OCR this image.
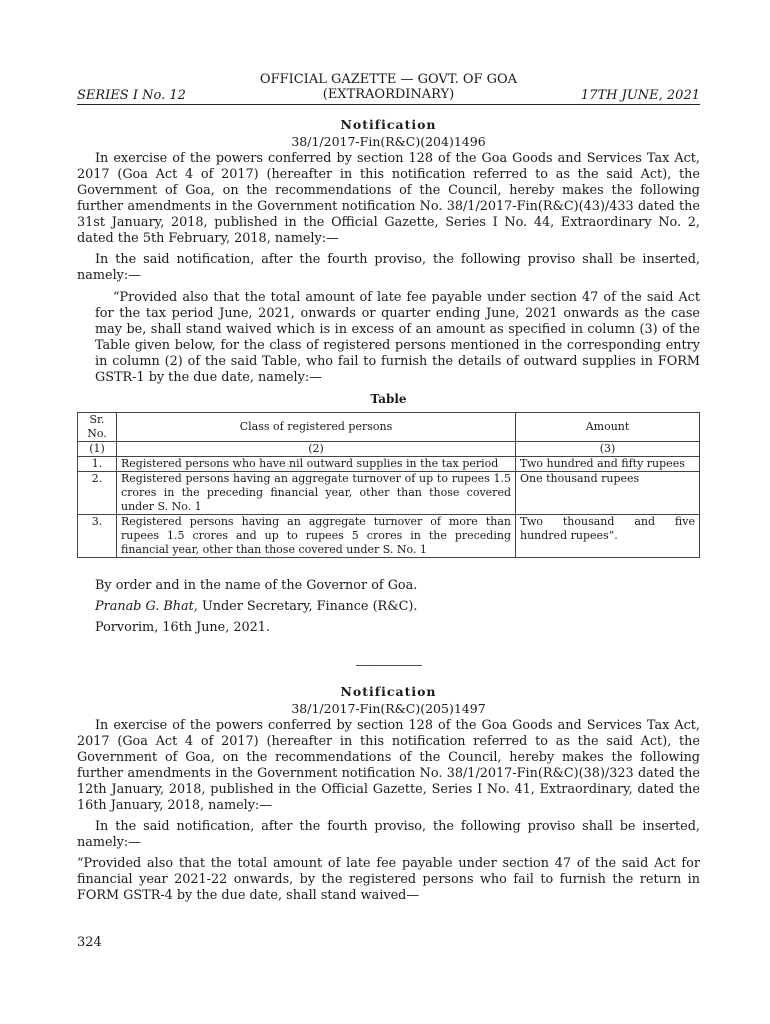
SERIES I No. 12
OFFICIAL GAZETTE — GOVT. OF GOA
(EXTRAORDINARY)	17TH JUNE, 2021
Notification
38/1/2017-Fin(R&C)(204)1496

In exercise of the powers conferred by section 128 of the Goa Goods and Services Tax Act, 2017 (Goa Act 4 of 2017) (hereafter in this notification referred to as the said Act), the Government of Goa, on the recommendations of the Council, hereby makes the following further amendments in the Government notification No. 38/1/2017-Fin(R&C)(43)/433 dated the 31st January, 2018, published in the Official Gazette, Series I No. 44, Extraordinary No. 2, dated the 5th February, 2018, namely:—

In the said notification, after the fourth proviso, the following proviso shall be inserted, namely:—

“Provided also that the total amount of late fee payable under section 47 of the said Act for the tax period June, 2021, onwards or quarter ending June, 2021 onwards as the case may be, shall stand waived which is in excess of an amount as specified in column (3) of the Table given below, for the class of registered persons mentioned in the corresponding entry in column (2) of the said Table, who fail to furnish the details of outward supplies in FORM GSTR-1 by the due date, namely:—

Table
Sr. No.	Class of registered persons	Amount
(1)	(2)	(3)
1.	Registered persons who have nil outward supplies in the tax period	Two hundred and fifty rupees
2.	Registered persons having an aggregate turnover of up to rupees 1.5 crores in the preceding financial year, other than those covered under S. No. 1	One thousand rupees
3.	Registered persons having an aggregate turnover of more than rupees 1.5 crores and up to rupees 5 crores in the preceding financial year, other than those covered under S. No. 1	Two thousand and five hundred rupees”.
By order and in the name of the Governor of Goa.
Pranab G. Bhat, Under Secretary, Finance (R&C).
Porvorim, 16th June, 2021.
——————
Notification
38/1/2017-Fin(R&C)(205)1497

In exercise of the powers conferred by section 128 of the Goa Goods and Services Tax Act, 2017 (Goa Act 4 of 2017) (hereafter in this notification referred to as the said Act), the Government of Goa, on the recommendations of the Council, hereby makes the following further amendments in the Government notification No. 38/1/2017-Fin(R&C)(38)/323 dated the 12th January, 2018, published in the Official Gazette, Series I No. 41, Extraordinary, dated the 16th January, 2018, namely:—

In the said notification, after the fourth proviso, the following proviso shall be inserted, namely:—

“Provided also that the total amount of late fee payable under section 47 of the said Act for financial year 2021-22 onwards, by the registered persons who fail to furnish the return in FORM GSTR-4 by the due date, shall stand waived—

324
